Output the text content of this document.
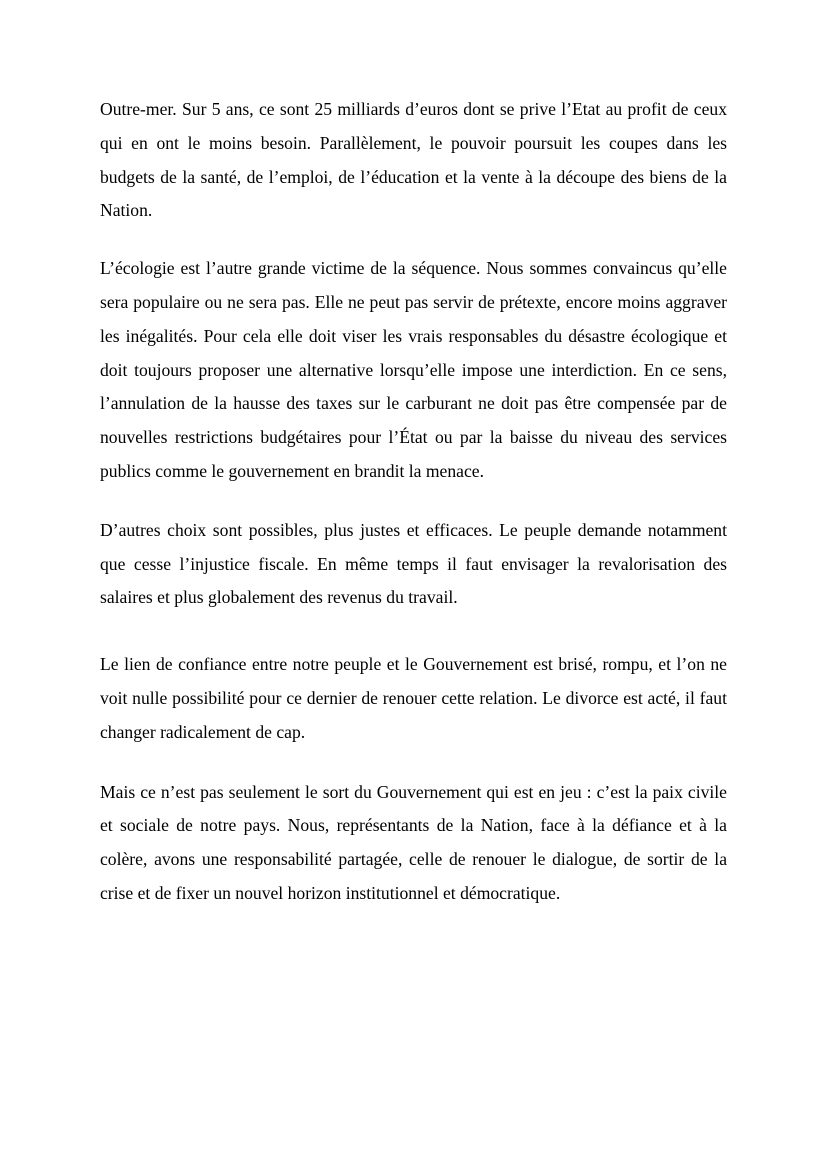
Outre-mer. Sur 5 ans, ce sont 25 milliards d’euros dont se prive l’Etat au profit de ceux qui en ont le moins besoin. Parallèlement, le pouvoir poursuit les coupes dans les budgets de la santé, de l’emploi, de l’éducation et la vente à la découpe des biens de la Nation.

L’écologie est l’autre grande victime de la séquence. Nous sommes convaincus qu’elle sera populaire ou ne sera pas. Elle ne peut pas servir de prétexte, encore moins aggraver les inégalités. Pour cela elle doit viser les vrais responsables du désastre écologique et doit toujours proposer une alternative lorsqu’elle impose une interdiction. En ce sens, l’annulation de la hausse des taxes sur le carburant ne doit pas être compensée par de nouvelles restrictions budgétaires pour l’État ou par la baisse du niveau des services publics comme le gouvernement en brandit la menace.

D’autres choix sont possibles, plus justes et efficaces. Le peuple demande notamment que cesse l’injustice fiscale. En même temps il faut envisager la revalorisation des salaires et plus globalement des revenus du travail.

Le lien de confiance entre notre peuple et le Gouvernement est brisé, rompu, et l’on ne voit nulle possibilité pour ce dernier de renouer cette relation. Le divorce est acté, il faut changer radicalement de cap.

Mais ce n’est pas seulement le sort du Gouvernement qui est en jeu : c’est la paix civile et sociale de notre pays. Nous, représentants de la Nation, face à la défiance et à la colère, avons une responsabilité partagée, celle de renouer le dialogue, de sortir de la crise et de fixer un nouvel horizon institutionnel et démocratique.
